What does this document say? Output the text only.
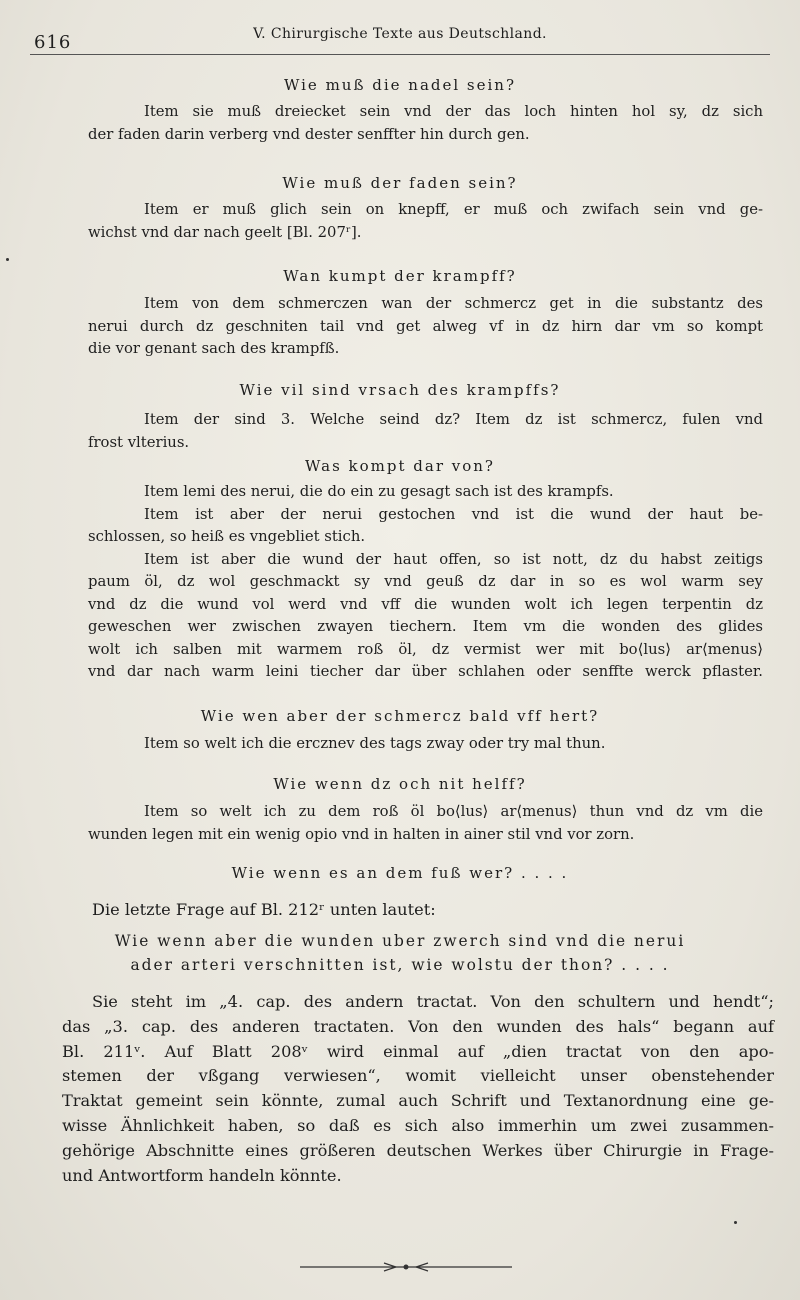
616	V. Chirurgische Texte aus Deutschland.
Wie muß die nadel sein?
Item sie muß dreiecket sein vnd der das loch hinten hol sy, dz sich
der faden darin verberg vnd dester senffter hin durch gen.
Wie muß der faden sein?
Item er muß glich sein on knepff, er muß och zwifach sein vnd ge-
wichst vnd dar nach geelt [Bl. 207ʳ].
Wan kumpt der krampff?
Item von dem schmerczen wan der schmercz get in die substantz des
nerui durch dz geschniten tail vnd get alweg vf in dz hirn dar vm so kompt
die vor genant sach des krampfß.
Wie vil sind vrsach des krampffs?
Item der sind 3. Welche seind dz? Item dz ist schmercz, fulen vnd
frost vlterius.
Was kompt dar von?
Item lemi des nerui, die do ein zu gesagt sach ist des krampfs.
Item ist aber der nerui gestochen vnd ist die wund der haut be-
schlossen, so heiß es vngebliet stich.
Item ist aber die wund der haut offen, so ist nott, dz du habst zeitigs
paum öl, dz wol geschmackt sy vnd geuß dz dar in so es wol warm sey
vnd dz die wund vol werd vnd vff die wunden wolt ich legen terpentin dz
geweschen wer zwischen zwayen tiechern. Item vm die wonden des glides
wolt ich salben mit warmem roß öl, dz vermist wer mit bo⟨lus⟩ ar⟨menus⟩
vnd dar nach warm leini tiecher dar über schlahen oder senffte werck pflaster.
Wie wen aber der schmercz bald vff hert?
Item so welt ich die ercznev des tags zway oder try mal thun.
Wie wenn dz och nit helff?
Item so welt ich zu dem roß öl bo⟨lus⟩ ar⟨menus⟩ thun vnd dz vm die
wunden legen mit ein wenig opio vnd in halten in ainer stil vnd vor zorn.
Wie wenn es an dem fuß wer? . . . .
Die letzte Frage auf Bl. 212ʳ unten lautet:
Wie wenn aber die wunden uber zwerch sind vnd die nerui
ader arteri verschnitten ist, wie wolstu der thon? . . . .
Sie steht im „4. cap. des andern tractat. Von den schultern und hendt“;
das „3. cap. des anderen tractaten. Von den wunden des hals“ begann auf
Bl. 211ᵛ. Auf Blatt 208ᵛ wird einmal auf „dien tractat von den apo-
stemen der vßgang verwiesen“, womit vielleicht unser obenstehender
Traktat gemeint sein könnte, zumal auch Schrift und Textanordnung eine ge-
wisse Ähnlichkeit haben, so daß es sich also immerhin um zwei zusammen-
gehörige Abschnitte eines größeren deutschen Werkes über Chirurgie in Frage-
und Antwortform handeln könnte.
